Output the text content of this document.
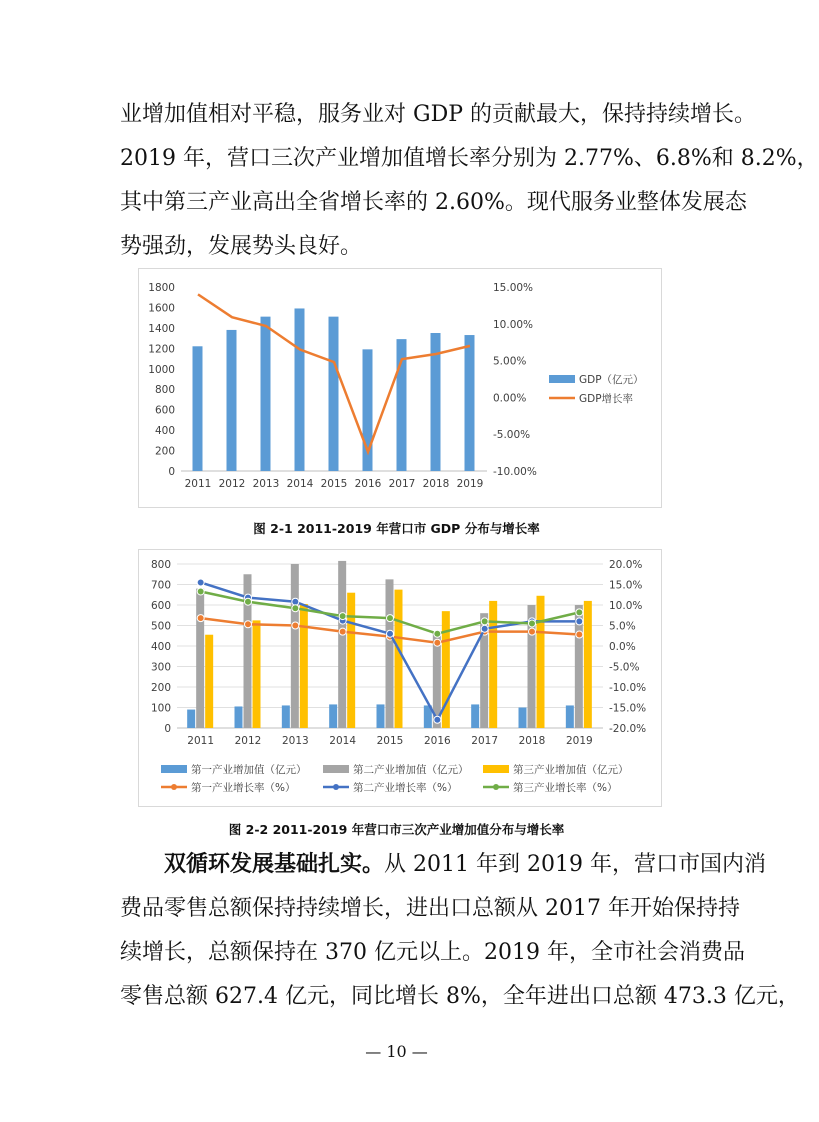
业增加值相对平稳，服务业对 GDP 的贡献最大，保持持续增长。
2019 年，营口三次产业增加值增长率分别为 2.77%、6.8%和 8.2%，
其中第三产业高出全省增长率的 2.60%。现代服务业整体发展态
势强劲，发展势头良好。
0
200
400
600
800
1000
1200
1400
1600
1800
-10.00%
-5.00%
0.00%
5.00%
10.00%
15.00%
2011 2012 2013 2014 2015 2016 2017 2018 2019
GDP（亿元）
GDP增长率
图 2-1 2011-2019 年营口市 GDP 分布与增长率
0
100
200
300
400
500
600
700
800
-20.0%
-15.0%
-10.0%
-5.0%
0.0%
5.0%
10.0%
15.0%
20.0%
2011 2012 2013 2014 2015 2016 2017 2018 2019
第一产业增加值（亿元）	第二产业增加值（亿元）	第三产业增加值（亿元）
第一产业增长率（%）	第二产业增长率（%）	第三产业增长率（%）
图 2-2 2011-2019 年营口市三次产业增加值分布与增长率
双循环发展基础扎实。从 2011 年到 2019 年，营口市国内消
费品零售总额保持持续增长，进出口总额从 2017 年开始保持持
续增长，总额保持在 370 亿元以上。2019 年，全市社会消费品
零售总额 627.4 亿元，同比增长 8%，全年进出口总额 473.3 亿元，
— 10 —
